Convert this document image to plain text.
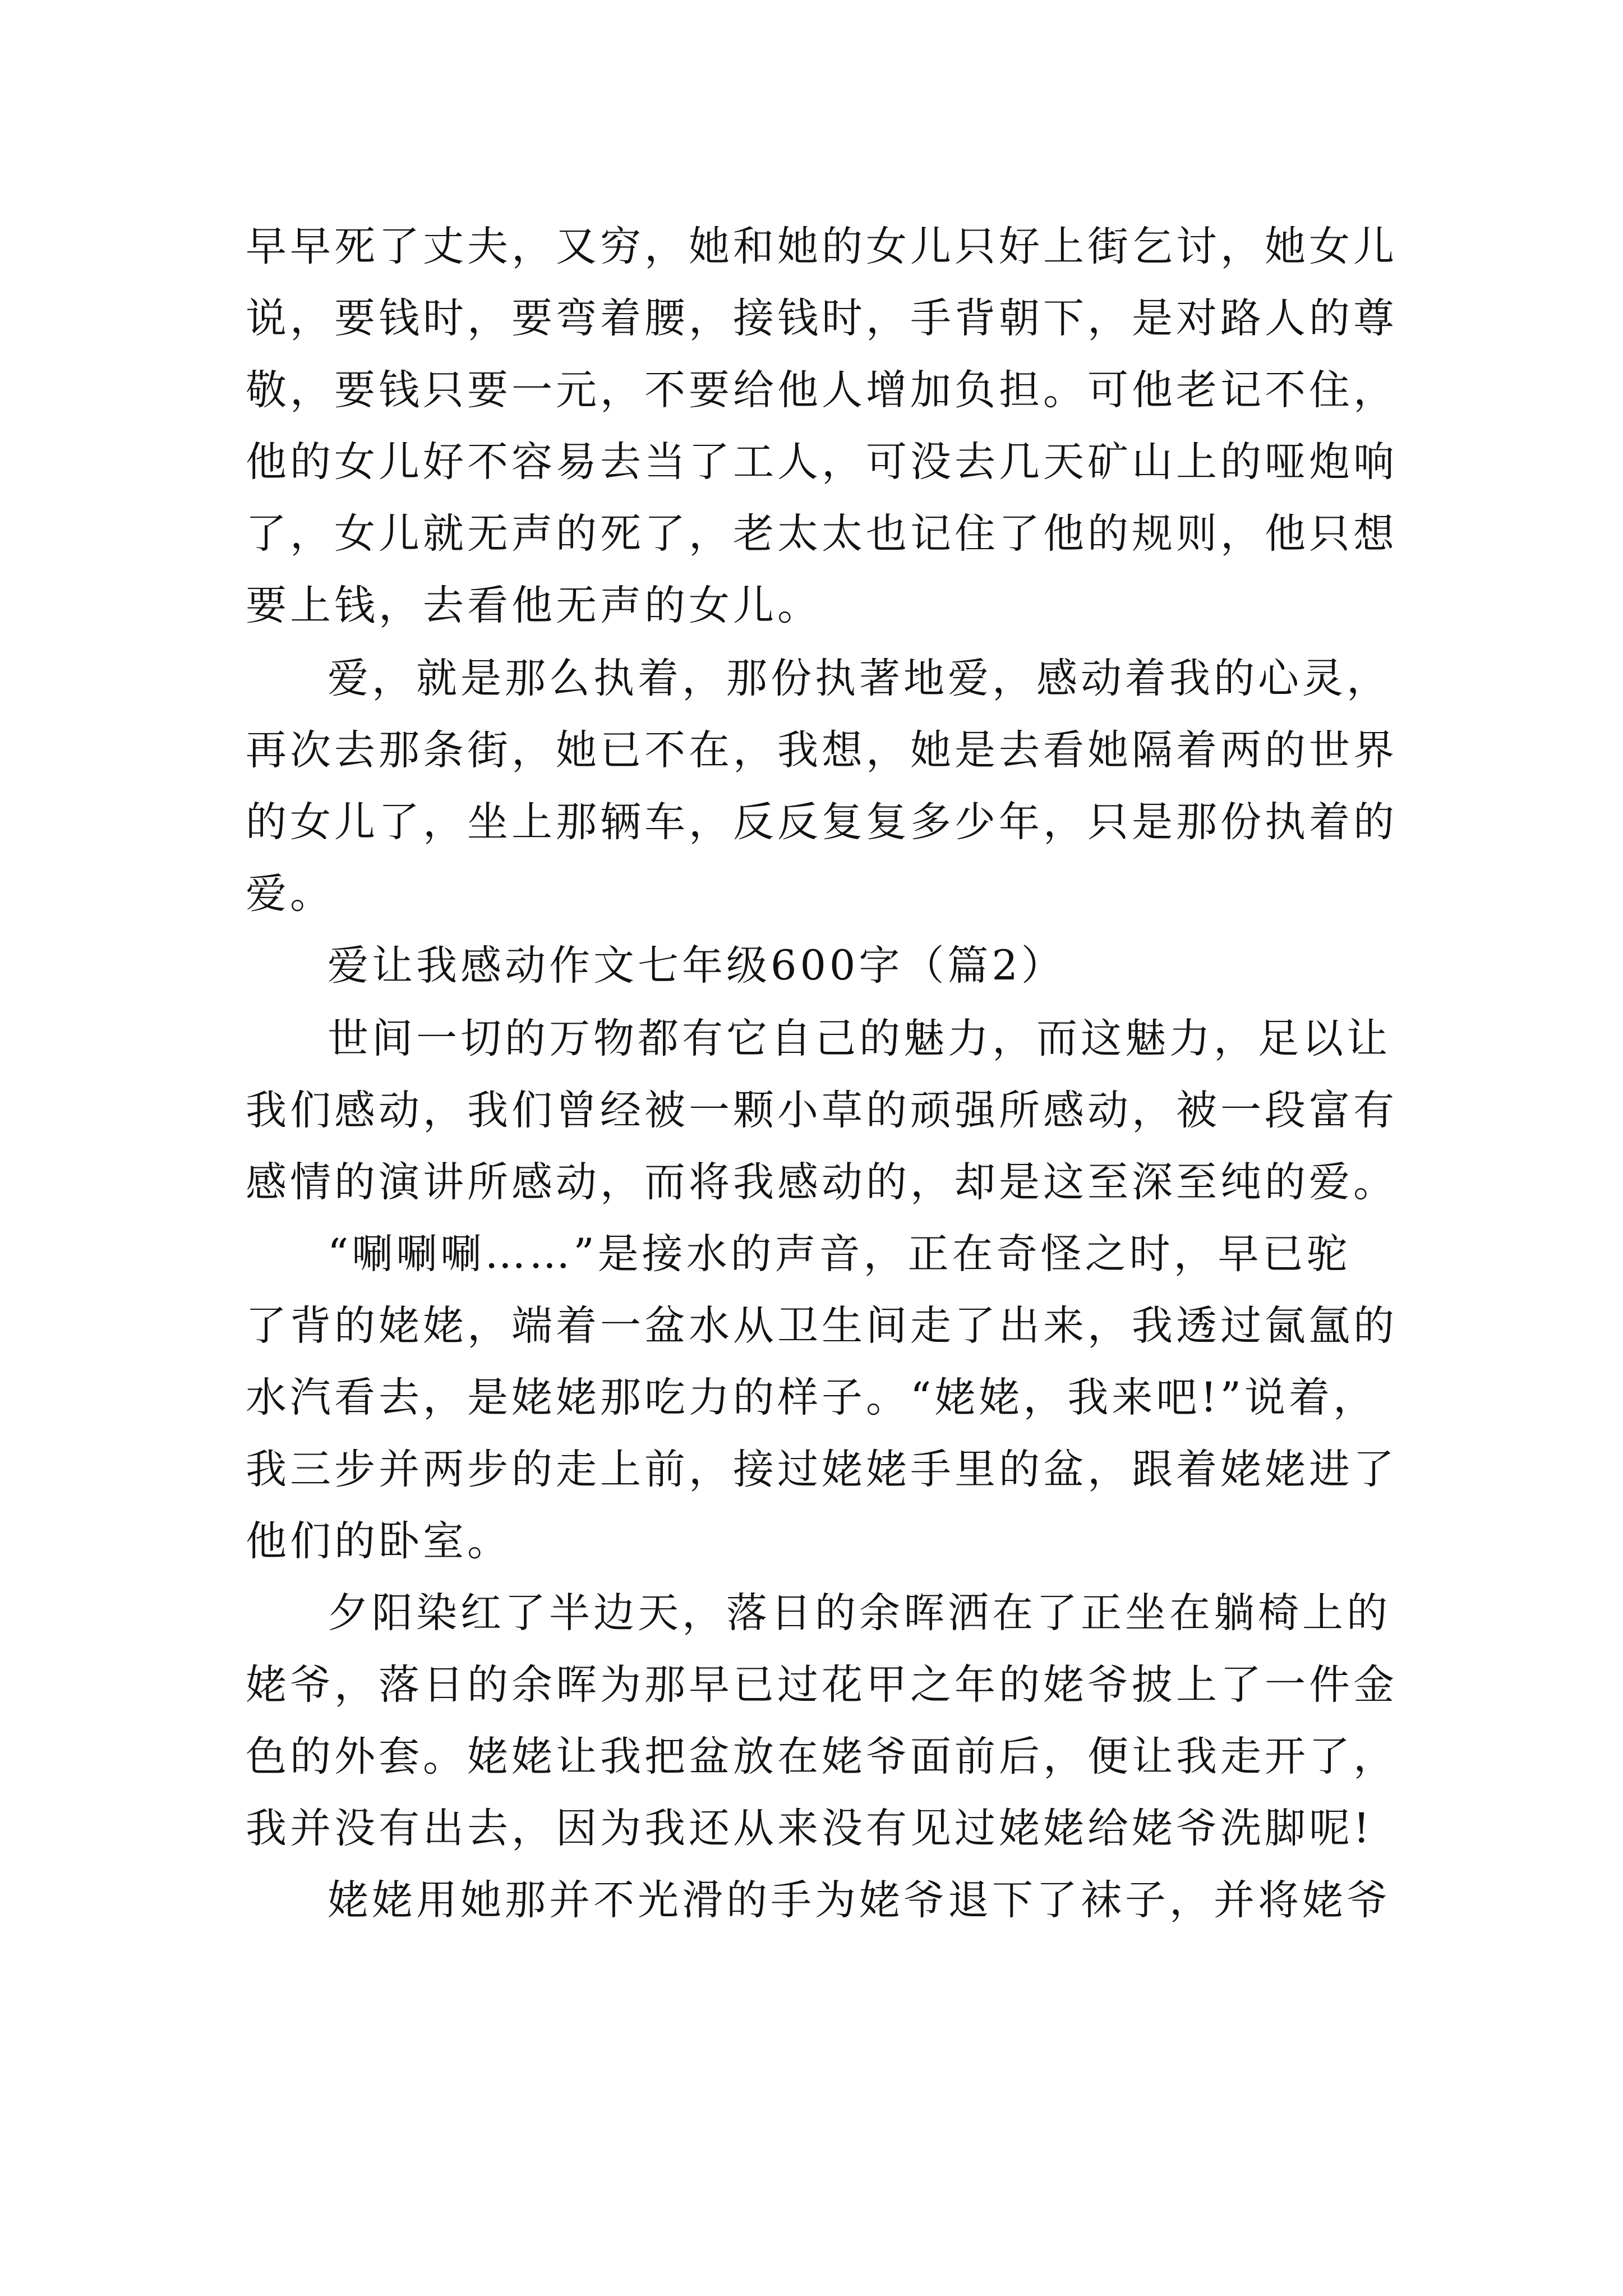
早早死了丈夫，又穷，她和她的女儿只好上街乞讨，她女儿
说，要钱时，要弯着腰，接钱时，手背朝下，是对路人的尊
敬，要钱只要一元，不要给他人增加负担。可他老记不住，
他的女儿好不容易去当了工人，可没去几天矿山上的哑炮响
了，女儿就无声的死了，老太太也记住了他的规则，他只想
要上钱，去看他无声的女儿。
爱，就是那么执着，那份执著地爱，感动着我的心灵，
再次去那条街，她已不在，我想，她是去看她隔着两的世界
的女儿了，坐上那辆车，反反复复多少年，只是那份执着的
爱。
爱让我感动作文七年级600字（篇2）
世间一切的万物都有它自己的魅力，而这魅力，足以让
我们感动，我们曾经被一颗小草的顽强所感动，被一段富有
感情的演讲所感动，而将我感动的，却是这至深至纯的爱。
“唰唰唰……”是接水的声音，正在奇怪之时，早已驼
了背的姥姥，端着一盆水从卫生间走了出来，我透过氤氲的
水汽看去，是姥姥那吃力的样子。“姥姥，我来吧!”说着，
我三步并两步的走上前，接过姥姥手里的盆，跟着姥姥进了
他们的卧室。
夕阳染红了半边天，落日的余晖洒在了正坐在躺椅上的
姥爷，落日的余晖为那早已过花甲之年的姥爷披上了一件金
色的外套。姥姥让我把盆放在姥爷面前后，便让我走开了，
我并没有出去，因为我还从来没有见过姥姥给姥爷洗脚呢!
姥姥用她那并不光滑的手为姥爷退下了袜子，并将姥爷
